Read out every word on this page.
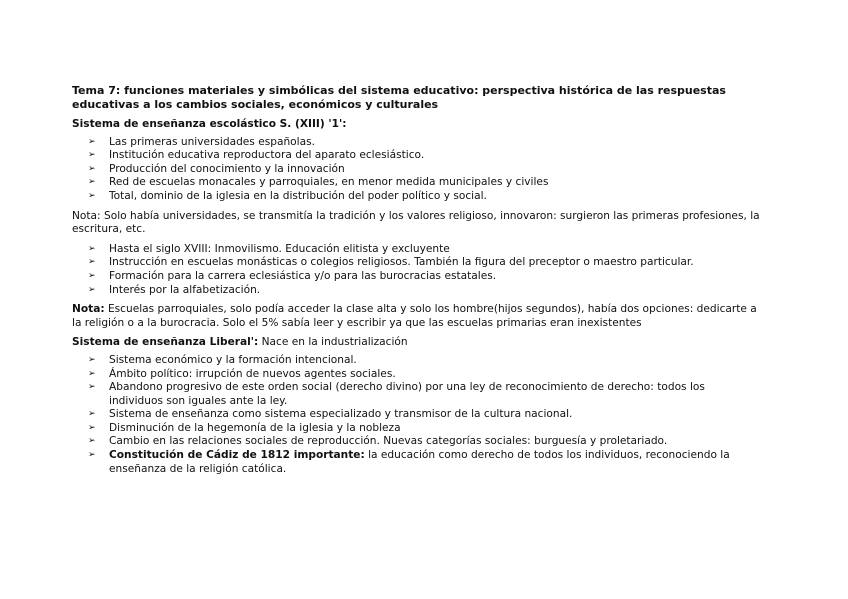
Tema 7: funciones materiales y simbólicas del sistema educativo: perspectiva histórica de las respuestas educativas a los cambios sociales, económicos y culturales
Sistema de enseñanza escolástico S. (XIII) '1':
➢ Las primeras universidades españolas.
➢ Institución educativa reproductora del aparato eclesiástico.
➢ Producción del conocimiento y la innovación
➢ Red de escuelas monacales y parroquiales, en menor medida municipales y civiles
➢ Total, dominio de la iglesia en la distribución del poder político y social.

Nota: Solo había universidades, se transmitía la tradición y los valores religioso, innovaron: surgieron las primeras profesiones, la escritura, etc.

➢ Hasta el siglo XVIII: Inmovilismo. Educación elitista y excluyente
➢ Instrucción en escuelas monásticas o colegios religiosos. También la figura del preceptor o maestro particular.
➢ Formación para la carrera eclesiástica y/o para las burocracias estatales.
➢ Interés por la alfabetización.

Nota: Escuelas parroquiales, solo podía acceder la clase alta y solo los hombre(hijos segundos), había dos opciones: dedicarte a la religión o a la burocracia. Solo el 5% sabía leer y escribir ya que las escuelas primarias eran inexistentes

Sistema de enseñanza Liberal': Nace en la industrialización
➢ Sistema económico y la formación intencional.
➢ Ámbito político: irrupción de nuevos agentes sociales.
➢ Abandono progresivo de este orden social (derecho divino) por una ley de reconocimiento de derecho: todos los individuos son iguales ante la ley.
➢ Sistema de enseñanza como sistema especializado y transmisor de la cultura nacional.
➢ Disminución de la hegemonía de la iglesia y la nobleza
➢ Cambio en las relaciones sociales de reproducción. Nuevas categorías sociales: burguesía y proletariado.
➢ Constitución de Cádiz de 1812 importante: la educación como derecho de todos los individuos, reconociendo la enseñanza de la religión católica.
